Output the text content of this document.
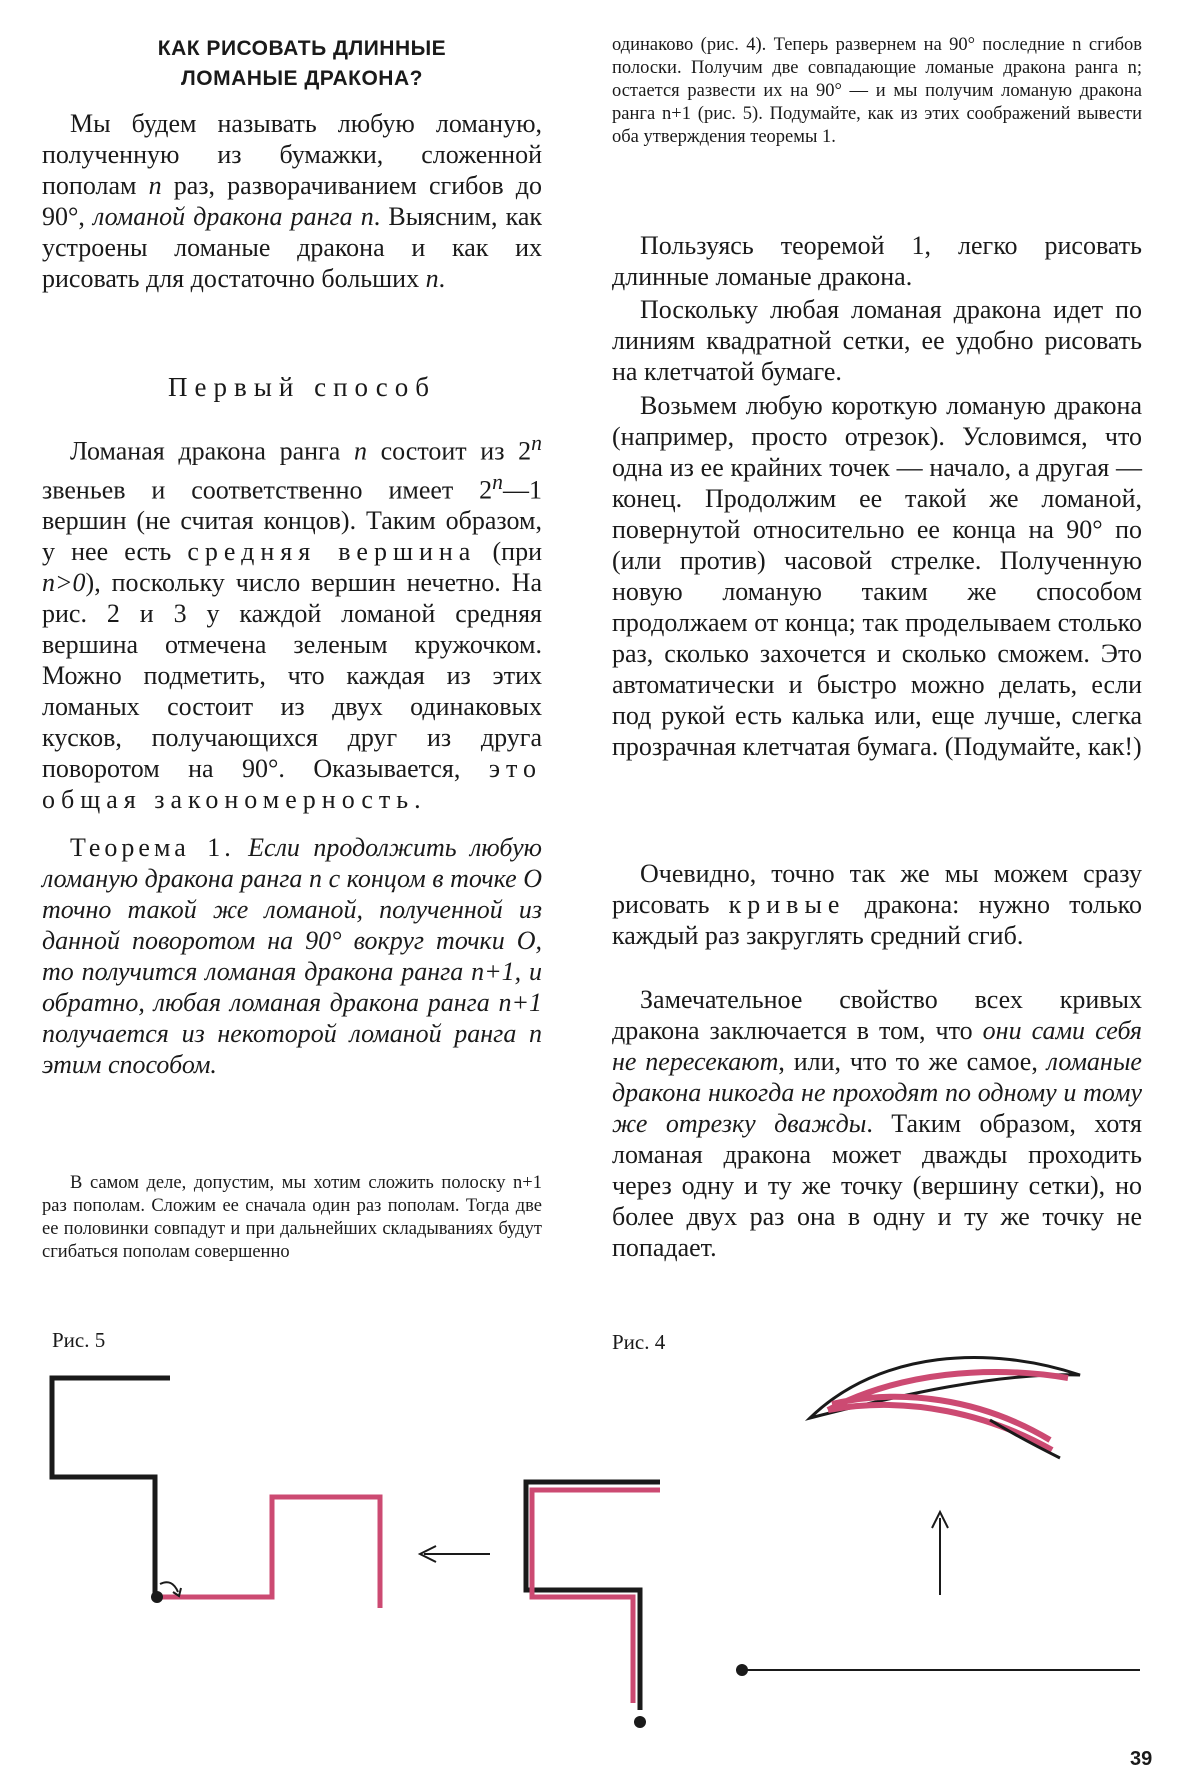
КАК РИСОВАТЬ ДЛИННЫЕ
ЛОМАНЫЕ ДРАКОНА?

Мы будем называть любую ломаную, полученную из бумажки, сложенной пополам n раз, разворачиванием сгибов до 90°, ломаной дракона ранга n. Выясним, как устроены ломаные дракона и как их рисовать для достаточно больших n.

Первый способ

Ломаная дракона ранга n состоит из 2$^n$ звеньев и соответственно имеет 2$^n$—1 вершин (не считая концов). Таким образом, у нее есть средняя вершина (при n>0), поскольку число вершин нечетно. На рис. 2 и 3 у каждой ломаной средняя вершина отмечена зеленым кружочком. Можно подметить, что каждая из этих ломаных состоит из двух одинаковых кусков, получающихся друг из друга поворотом на 90°. Оказывается, это общая закономерность.

Теорема 1. Если продолжить любую ломаную дракона ранга n с концом в точке О точно такой же ломаной, полученной из данной поворотом на 90° вокруг точки О, то получится ломаная дракона ранга n+1, и обратно, любая ломаная дракона ранга n+1 получается из некоторой ломаной ранга n этим способом.

В самом деле, допустим, мы хотим сложить полоску n+1 раз пополам. Сложим ее сначала один раз пополам. Тогда две ее половинки совпадут и при дальнейших складываниях будут сгибаться пополам совершенно

одинаково (рис. 4). Теперь развернем на 90° последние n сгибов полоски. Получим две совпадающие ломаные дракона ранга n; остается развести их на 90° — и мы получим ломаную дракона ранга n+1 (рис. 5). Подумайте, как из этих соображений вывести оба утверждения теоремы 1.

Пользуясь теоремой 1, легко рисовать длинные ломаные дракона.

Поскольку любая ломаная дракона идет по линиям квадратной сетки, ее удобно рисовать на клетчатой бумаге.

Возьмем любую короткую ломаную дракона (например, просто отрезок). Условимся, что одна из ее крайних точек — начало, а другая — конец. Продолжим ее такой же ломаной, повернутой относительно ее конца на 90° по (или против) часовой стрелке. Полученную новую ломаную таким же способом продолжаем от конца; так проделываем столько раз, сколько захочется и сколько сможем. Это автоматически и быстро можно делать, если под рукой есть калька или, еще лучше, слегка прозрачная клетчатая бумага. (Подумайте, как!)

Очевидно, точно так же мы можем сразу рисовать кривые дракона: нужно только каждый раз закруглять средний сгиб.

Замечательное свойство всех кривых дракона заключается в том, что они сами себя не пересекают, или, что то же самое, ломаные дракона никогда не проходят по одному и тому же отрезку дважды. Таким образом, хотя ломаная дракона может дважды проходить через одну и ту же точку (вершину сетки), но более двух раз она в одну и ту же точку не попадает.

Рис. 5	Рис. 4
39
